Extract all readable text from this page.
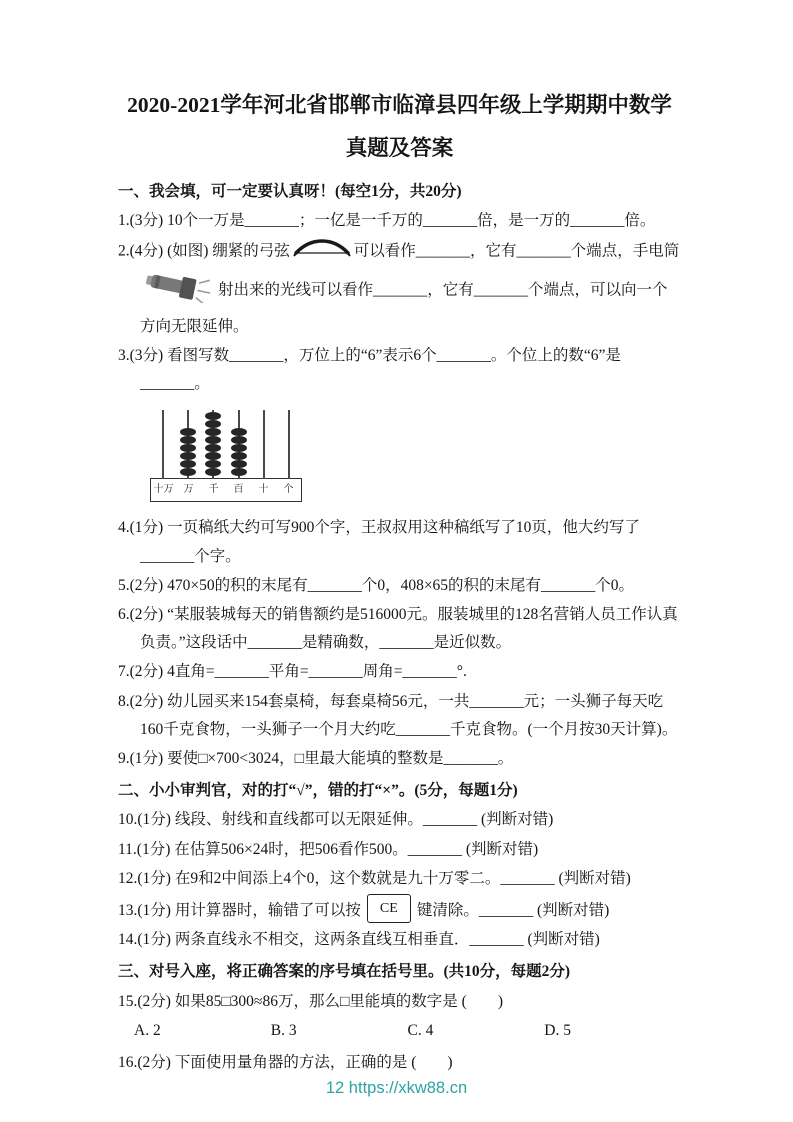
2020-2021学年河北省邯郸市临漳县四年级上学期期中数学
真题及答案

一、我会填，可一定要认真呀！(每空1分，共20分)

1.(3分) 10个一万是_______；一亿是一千万的_______倍，是一万的_______倍。

2.(4分) (如图) 绷紧的弓弦	可以看作_______，它有_______个端点，手电筒射出来的光线可以看作_______，它有_______个端点，可以向一个方向无限延伸。

3.(3分) 看图写数_______，万位上的“6”表示6个_______。个位上的数“6”是_______。

十万	万	千	百	十	个

4.(1分) 一页稿纸大约可写900个字，王叔叔用这种稿纸写了10页，他大约写了_______个字。

5.(2分) 470×50的积的末尾有_______个0，408×65的积的末尾有_______个0。

6.(2分) “某服装城每天的销售额约是516000元。服装城里的128名营销人员工作认真负责。”这段话中_______是精确数，_______是近似数。

7.(2分) 4直角=_______平角=_______周角=_______°.

8.(2分) 幼儿园买来154套桌椅，每套桌椅56元，一共_______元；一头狮子每天吃160千克食物，一头狮子一个月大约吃_______千克食物。(一个月按30天计算)。

9.(1分) 要使□×700<3024，□里最大能填的整数是_______。

二、小小审判官，对的打“√”，错的打“×”。(5分，每题1分)

10.(1分) 线段、射线和直线都可以无限延伸。_______ (判断对错)

11.(1分) 在估算506×24时，把506看作500。_______ (判断对错)

12.(1分) 在9和2中间添上4个0，这个数就是九十万零二。_______ (判断对错)

13.(1分) 用计算器时，输错了可以按 CE 键清除。_______ (判断对错)

14.(1分) 两条直线永不相交，这两条直线互相垂直．_______ (判断对错)

三、对号入座，将正确答案的序号填在括号里。(共10分，每题2分)

15.(2分) 如果85□300≈86万，那么□里能填的数字是 (　　)

A. 2	B. 3	C. 4	D. 5

16.(2分) 下面使用量角器的方法，正确的是 (　　)

12 https://xkw88.cn
